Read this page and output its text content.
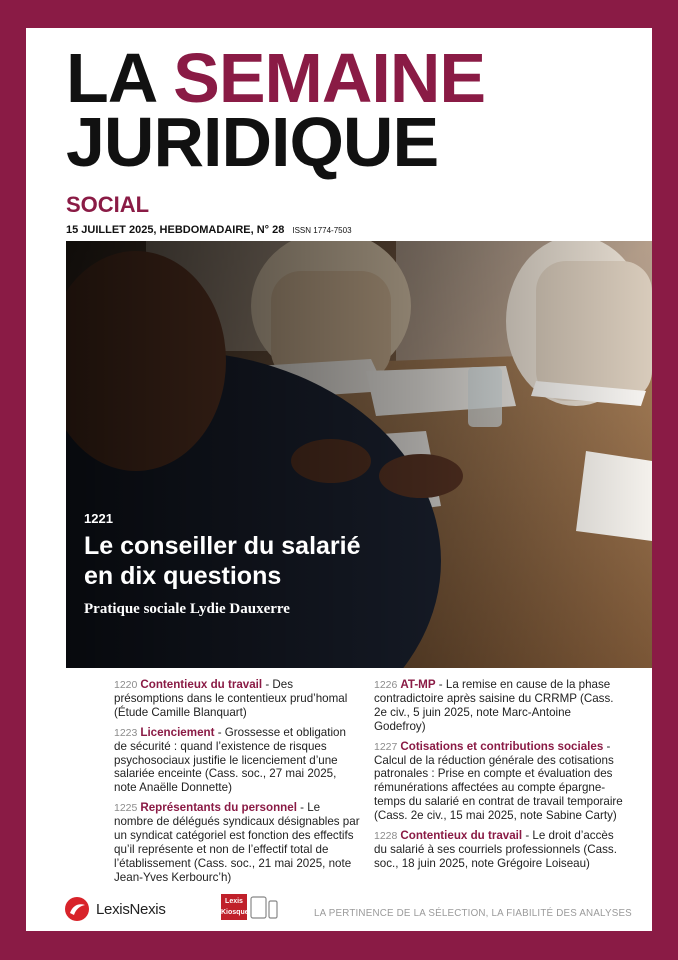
LA SEMAINE
JURIDIQUE
SOCIAL
15 JUILLET 2025, HEBDOMADAIRE, N° 28 ISSN 1774-7503
1221
Le conseiller du salarié
en dix questions
Pratique sociale Lydie Dauxerre
1220 Contentieux du travail - Des présomptions dans le contentieux prud’homal (Étude Camille Blanquart)
1223 Licenciement - Grossesse et obligation de sécurité : quand l’existence de risques psychosociaux justifie le licenciement d’une salariée enceinte (Cass. soc., 27 mai 2025, note Anaëlle Donnette)
1225 Représentants du personnel - Le nombre de délégués syndicaux désignables par un syndicat catégoriel est fonction des effectifs qu’il représente et non de l’effectif total de l’établissement (Cass. soc., 21 mai 2025, note Jean-Yves Kerbourc’h)
1226 AT-MP - La remise en cause de la phase contradictoire après saisine du CRRMP (Cass. 2e civ., 5 juin 2025, note Marc-Antoine Godefroy)
1227 Cotisations et contributions sociales - Calcul de la réduction générale des cotisations patronales : Prise en compte et évaluation des rémunérations affectées au compte épargne-temps du salarié en contrat de travail temporaire (Cass. 2e civ., 15 mai 2025, note Sabine Carty)
1228 Contentieux du travail - Le droit d’accès du salarié à ses courriels professionnels (Cass. soc., 18 juin 2025, note Grégoire Loiseau)
LexisNexis	Lexis
Kiosque	LA PERTINENCE DE LA SÉLECTION, LA FIABILITÉ DES ANALYSES
